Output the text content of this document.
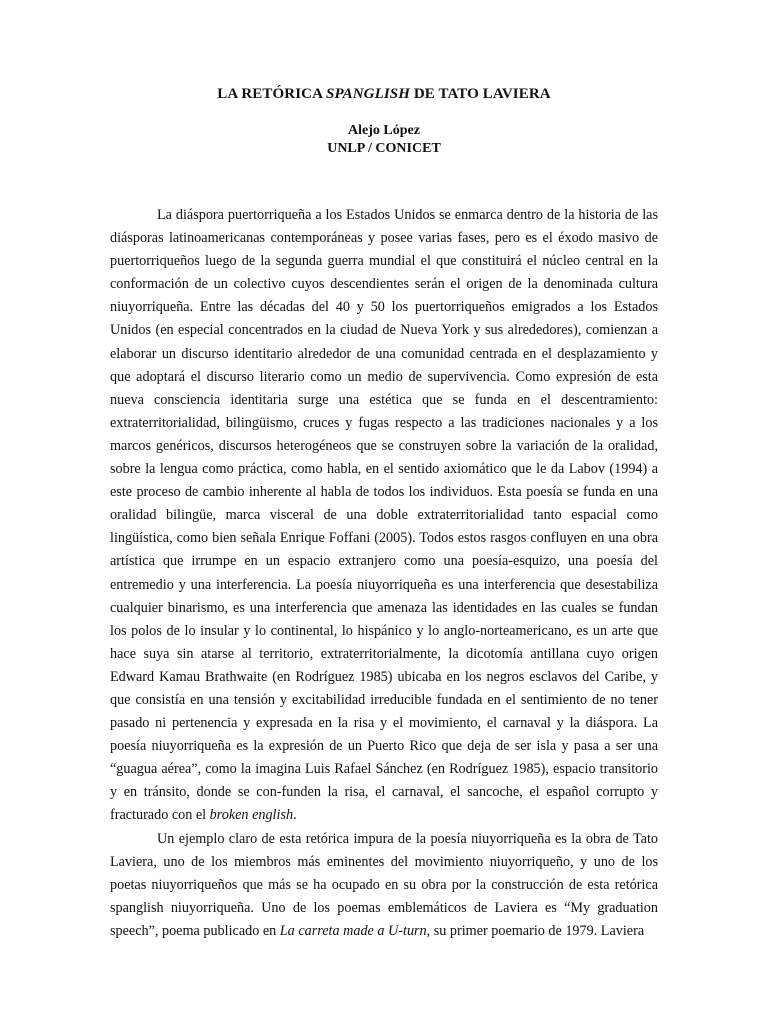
LA RETÓRICA SPANGLISH DE TATO LAVIERA
Alejo López
UNLP / CONICET

La diáspora puertorriqueña a los Estados Unidos se enmarca dentro de la historia de las diásporas latinoamericanas contemporáneas y posee varias fases, pero es el éxodo masivo de puertorriqueños luego de la segunda guerra mundial el que constituirá el núcleo central en la conformación de un colectivo cuyos descendientes serán el origen de la denominada cultura niuyorriqueña. Entre las décadas del 40 y 50 los puertorriqueños emigrados a los Estados Unidos (en especial concentrados en la ciudad de Nueva York y sus alrededores), comienzan a elaborar un discurso identitario alrededor de una comunidad centrada en el desplazamiento y que adoptará el discurso literario como un medio de supervivencia. Como expresión de esta nueva consciencia identitaria surge una estética que se funda en el descentramiento: extraterritorialidad, bilingüismo, cruces y fugas respecto a las tradiciones nacionales y a los marcos genéricos, discursos heterogéneos que se construyen sobre la variación de la oralidad, sobre la lengua como práctica, como habla, en el sentido axiomático que le da Labov (1994) a este proceso de cambio inherente al habla de todos los individuos. Esta poesía se funda en una oralidad bilingüe, marca visceral de una doble extraterritorialidad tanto espacial como lingüística, como bien señala Enrique Foffani (2005). Todos estos rasgos confluyen en una obra artística que irrumpe en un espacio extranjero como una poesía-esquizo, una poesía del entremedio y una interferencia. La poesía niuyorriqueña es una interferencia que desestabiliza cualquier binarismo, es una interferencia que amenaza las identidades en las cuales se fundan los polos de lo insular y lo continental, lo hispánico y lo anglo-norteamericano, es un arte que hace suya sin atarse al territorio, extraterritorialmente, la dicotomía antillana cuyo origen Edward Kamau Brathwaite (en Rodríguez 1985) ubicaba en los negros esclavos del Caribe, y que consistía en una tensión y excitabilidad irreducible fundada en el sentimiento de no tener pasado ni pertenencia y expresada en la risa y el movimiento, el carnaval y la diáspora. La poesía niuyorriqueña es la expresión de un Puerto Rico que deja de ser isla y pasa a ser una “guagua aérea”, como la imagina Luis Rafael Sánchez (en Rodríguez 1985), espacio transitorio y en tránsito, donde se con-funden la risa, el carnaval, el sancoche, el español corrupto y fracturado con el broken english.

Un ejemplo claro de esta retórica impura de la poesía niuyorriqueña es la obra de Tato Laviera, uno de los miembros más eminentes del movimiento niuyorriqueño, y uno de los poetas niuyorriqueños que más se ha ocupado en su obra por la construcción de esta retórica spanglish niuyorriqueña. Uno de los poemas emblemáticos de Laviera es “My graduation speech”, poema publicado en La carreta made a U-turn, su primer poemario de 1979. Laviera
